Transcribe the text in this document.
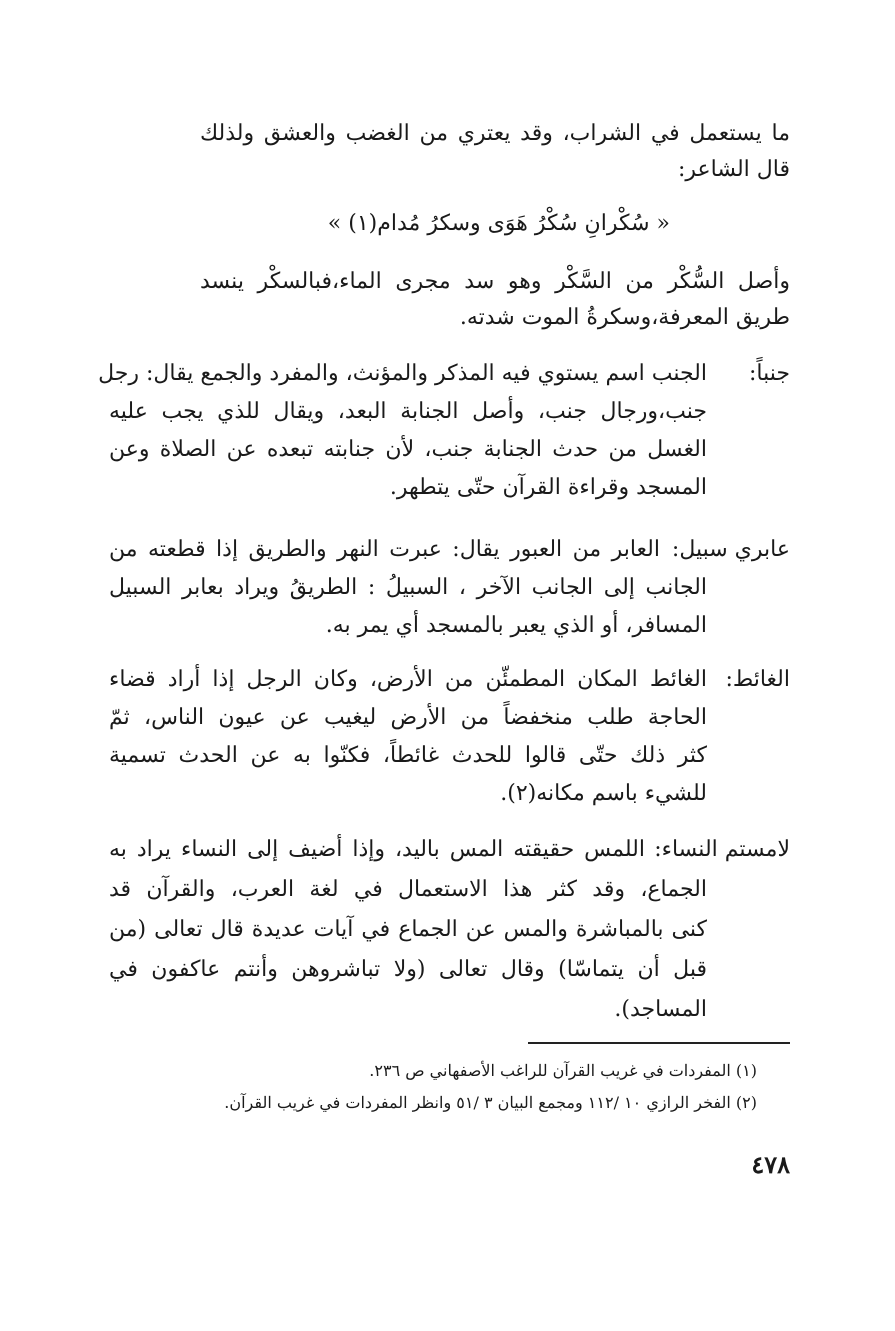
ما يستعمل في الشراب، وقد يعتري من الغضب والعشق ولذلك
قال الشاعر:
« سُكْرانِ سُكْرُ هَوَى وسكرُ مُدام(١) »
وأصل السُّكْر من السَّكْر وهو سد مجرى الماء،فبالسكْر ينسد
طريق المعرفة،وسكرةُ الموت شدته.
جنباً:
الجنب اسم يستوي فيه المذكر والمؤنث، والمفرد والجمع يقال: رجل
جنب،ورجال جنب، وأصل الجنابة البعد، ويقال للذي يجب عليه
الغسل من حدث الجنابة جنب، لأن جنابته تبعده عن الصلاة وعن
المسجد وقراءة القرآن حتّى يتطهر.
عابري سبيل:
العابر من العبور يقال: عبرت النهر والطريق إذا قطعته من
الجانب إلى الجانب الآخر ، السبيلُ : الطريقُ ويراد بعابر السبيل
المسافر، أو الذي يعبر بالمسجد أي يمر به.
الغائط:
الغائط المكان المطمئّن من الأرض، وكان الرجل إذا أراد قضاء
الحاجة طلب منخفضاً من الأرض ليغيب عن عيون الناس، ثمّ
كثر ذلك حتّى قالوا للحدث غائطاً، فكنّوا به عن الحدث تسمية
للشيء باسم مكانه(٢).
لامستم النساء:
اللمس حقيقته المس باليد، وإذا أضيف إلى النساء يراد به
الجماع، وقد كثر هذا الاستعمال في لغة العرب، والقرآن قد
كنى بالمباشرة والمس عن الجماع في آيات عديدة قال تعالى (من
قبل أن يتماسّا) وقال تعالى (ولا تباشروهن وأنتم عاكفون في
المساجد).
(١) المفردات في غريب القرآن للراغب الأصفهاني ص ٢٣٦.
(٢) الفخر الرازي ١٠ /١١٢ ومجمع البيان ٣ /٥١ وانظر المفردات في غريب القرآن.
٤٧٨
